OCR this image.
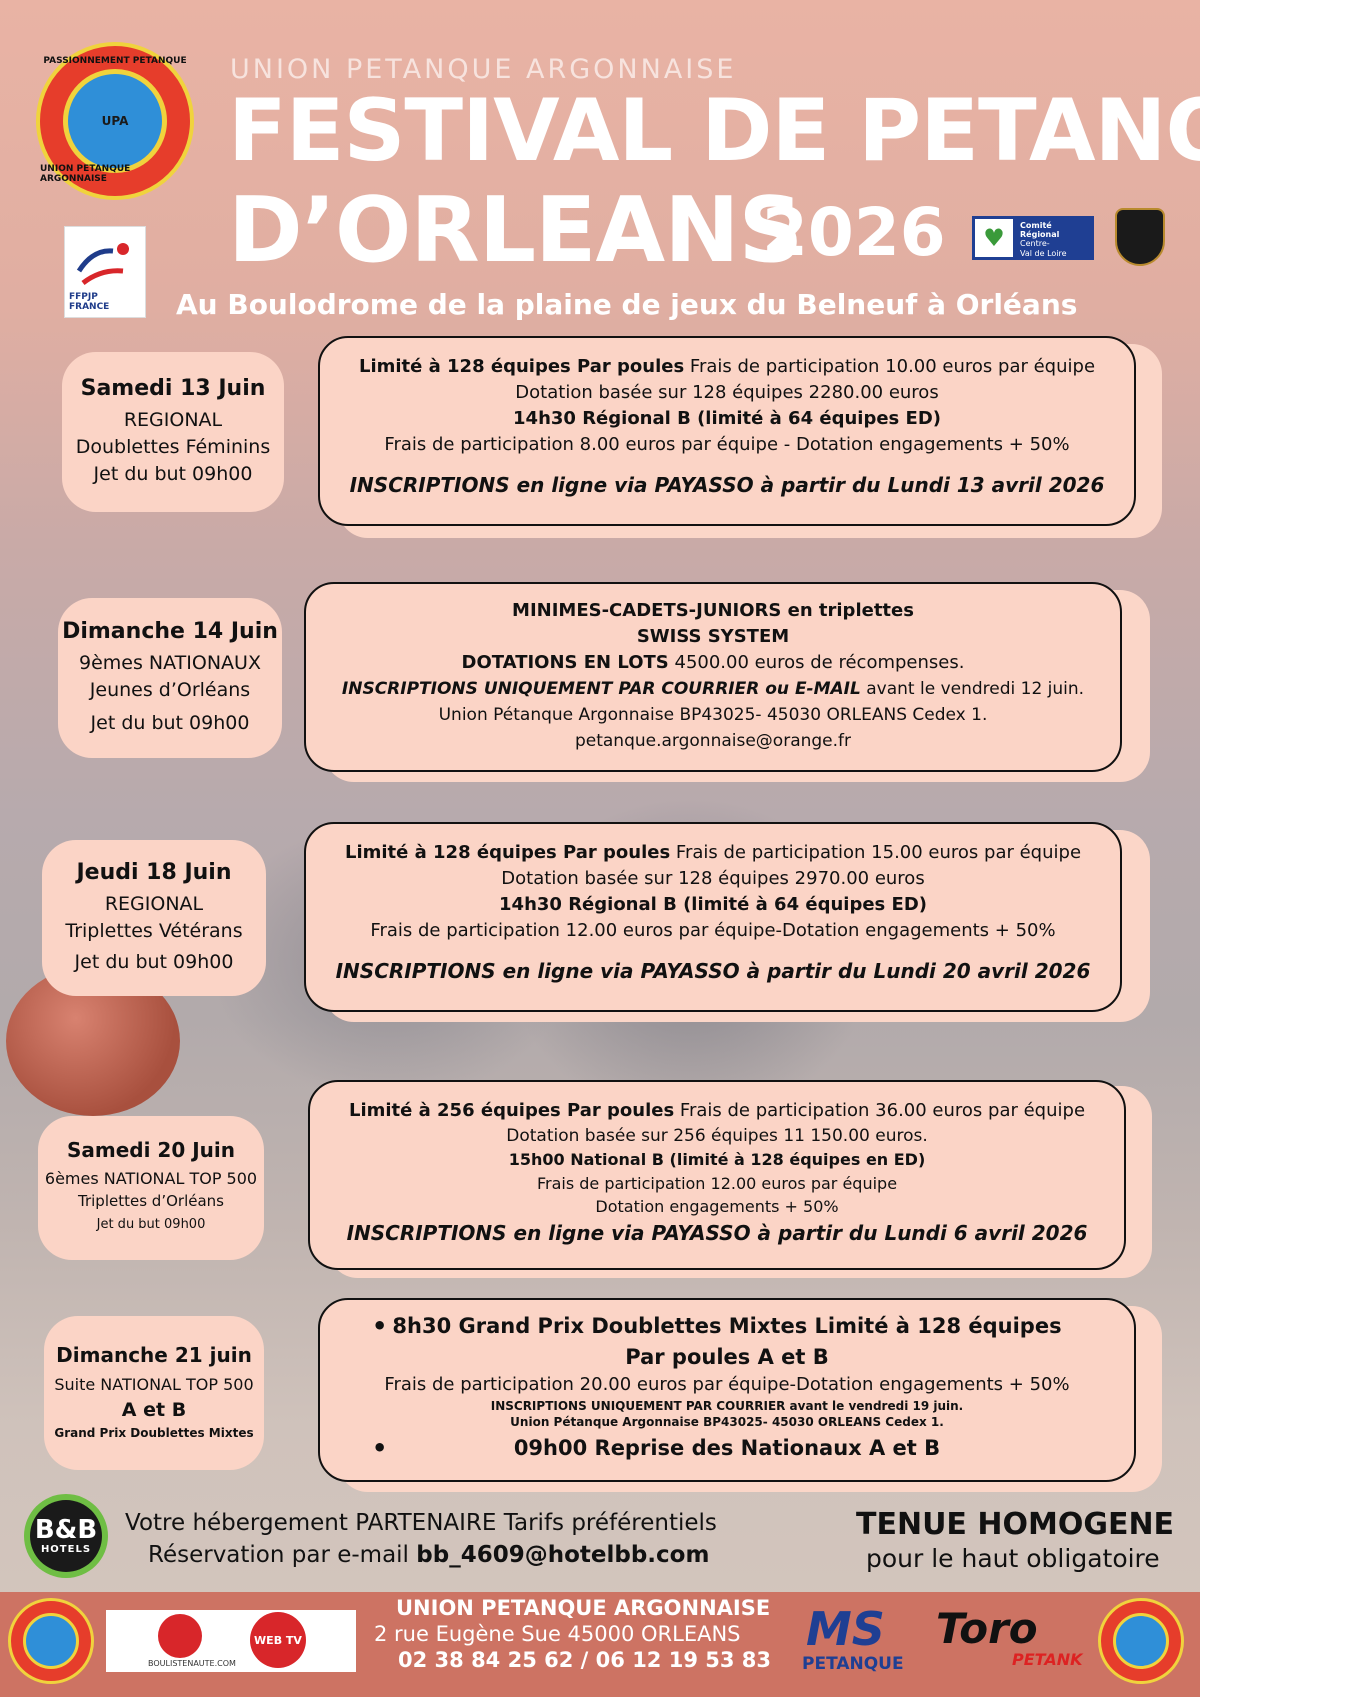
PASSIONNEMENT PETANQUE
UPA
UNION PETANQUE ARGONNAISE
UNION PETANQUE ARGONNAISE
FESTIVAL DE PETANQUE
D’ORLEANS
2026
FFPJP
FRANCE
♥	Comité
Régional
Centre-
Val de Loire
Au Boulodrome de la plaine de jeux du Belneuf à Orléans
Samedi 13 Juin
REGIONAL
Doublettes Féminins
Jet du but 09h00

Limité à 128 équipes Par poules Frais de participation 10.00 euros par équipe

Dotation basée sur 128 équipes 2280.00 euros

14h30 Régional B (limité à 64 équipes ED)

Frais de participation 8.00 euros par équipe - Dotation engagements + 50%

INSCRIPTIONS en ligne via PAYASSO à partir du Lundi 13 avril 2026

Dimanche 14 Juin
9èmes NATIONAUX
Jeunes d’Orléans
Jet du but 09h00

MINIMES-CADETS-JUNIORS en triplettes

SWISS SYSTEM

DOTATIONS EN LOTS 4500.00 euros de récompenses.

INSCRIPTIONS UNIQUEMENT PAR COURRIER ou E-MAIL avant le vendredi 12 juin.

Union Pétanque Argonnaise BP43025- 45030 ORLEANS Cedex 1.

petanque.argonnaise@orange.fr

Jeudi 18 Juin
REGIONAL
Triplettes Vétérans
Jet du but 09h00

Limité à 128 équipes Par poules Frais de participation 15.00 euros par équipe

Dotation basée sur 128 équipes 2970.00 euros

14h30 Régional B (limité à 64 équipes ED)

Frais de participation 12.00 euros par équipe-Dotation engagements + 50%

INSCRIPTIONS en ligne via PAYASSO à partir du Lundi 20 avril 2026

Samedi 20 Juin
6èmes NATIONAL TOP 500
Triplettes d’Orléans
Jet du but 09h00

Limité à 256 équipes Par poules Frais de participation 36.00 euros par équipe

Dotation basée sur 256 équipes 11 150.00 euros.

15h00 National B (limité à 128 équipes en ED)

Frais de participation 12.00 euros par équipe

Dotation engagements + 50%

INSCRIPTIONS en ligne via PAYASSO à partir du Lundi 6 avril 2026

Dimanche 21 juin
Suite NATIONAL TOP 500
A et B
Grand Prix Doublettes Mixtes

• 8h30 Grand Prix Doublettes Mixtes Limité à 128 équipes

Par poules A et B

Frais de participation 20.00 euros par équipe-Dotation engagements + 50%

INSCRIPTIONS UNIQUEMENT PAR COURRIER avant le vendredi 19 juin.

Union Pétanque Argonnaise BP43025- 45030 ORLEANS Cedex 1.

• 09h00 Reprise des Nationaux A et B

B&B
HOTELS
Votre hébergement PARTENAIRE Tarifs préférentiels
Réservation par e-mail bb_4609@hotelbb.com
TENUE HOMOGENE
pour le haut obligatoire
BOULISTENAUTE.COM
WEB TV
UNION PETANQUE ARGONNAISE
2 rue Eugène Sue 45000 ORLEANS
02 38 84 25 62 / 06 12 19 53 83
MS
PETANQUE
Toro
PETANK
